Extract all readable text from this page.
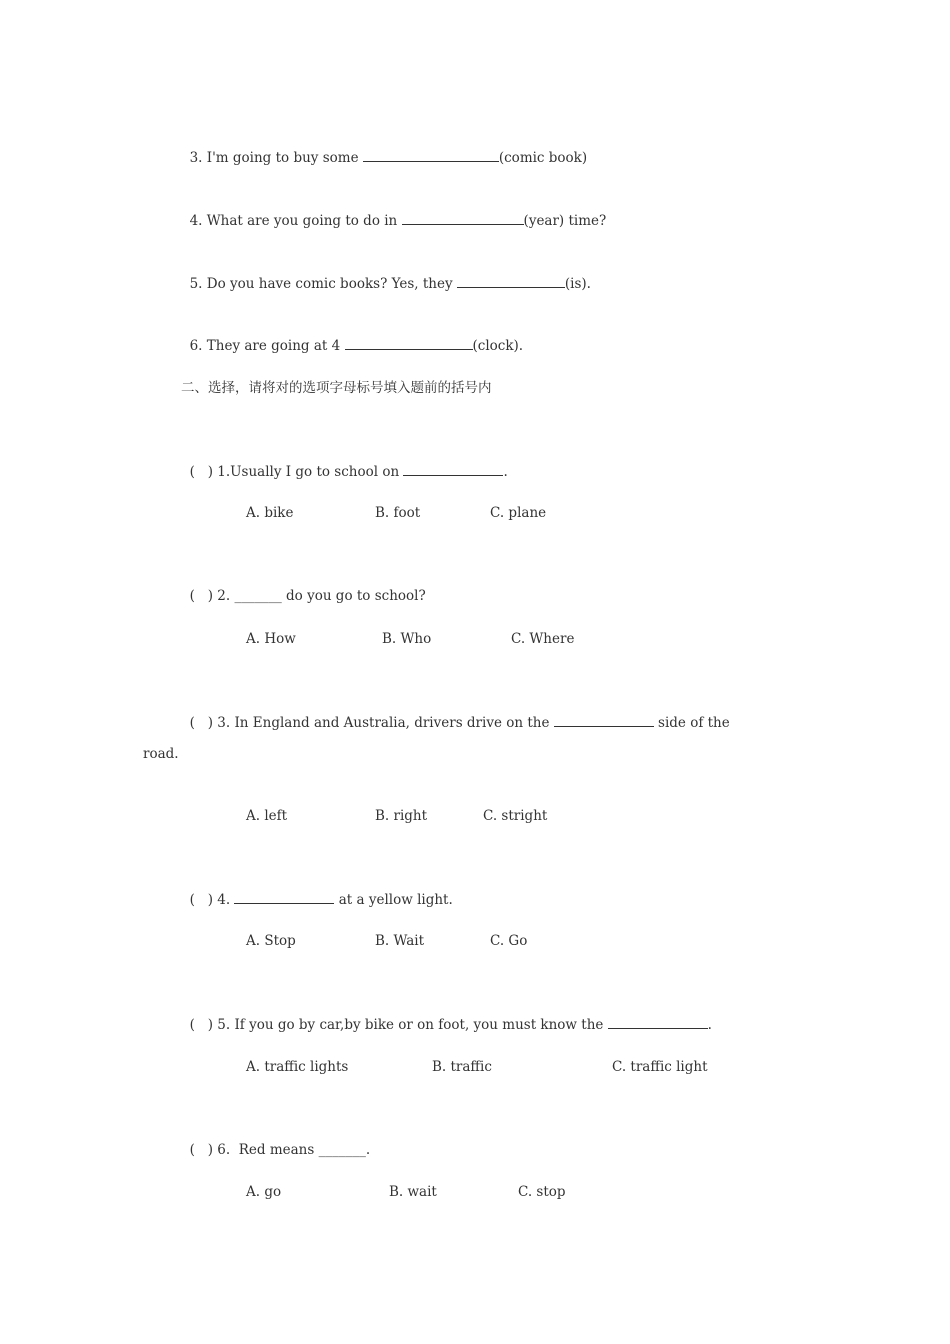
3. I'm going to buy some	(comic book)

4. What are you going to do in	(year) time?

5. Do you have comic books? Yes, they	(is).

6. They are going at 4	(clock).

二、选择，请将对的选项字母标号填入题前的括号内

(   ) 1.Usually I go to school on	.

A. bike	B. foot	C. plane

(   ) 2. _______ do you go to school?

A. How	B. Who	C. Where

(   ) 3. In England and Australia, drivers drive on the	side of the

road.
A. left	B. right	C. stright

(   ) 4.	at a yellow light.

A. Stop	B. Wait	C. Go

(   ) 5. If you go by car,by bike or on foot, you must know the	.

A. traffic lights	B. traffic	C. traffic light

(   ) 6.  Red means _______.

A. go	B. wait	C. stop
